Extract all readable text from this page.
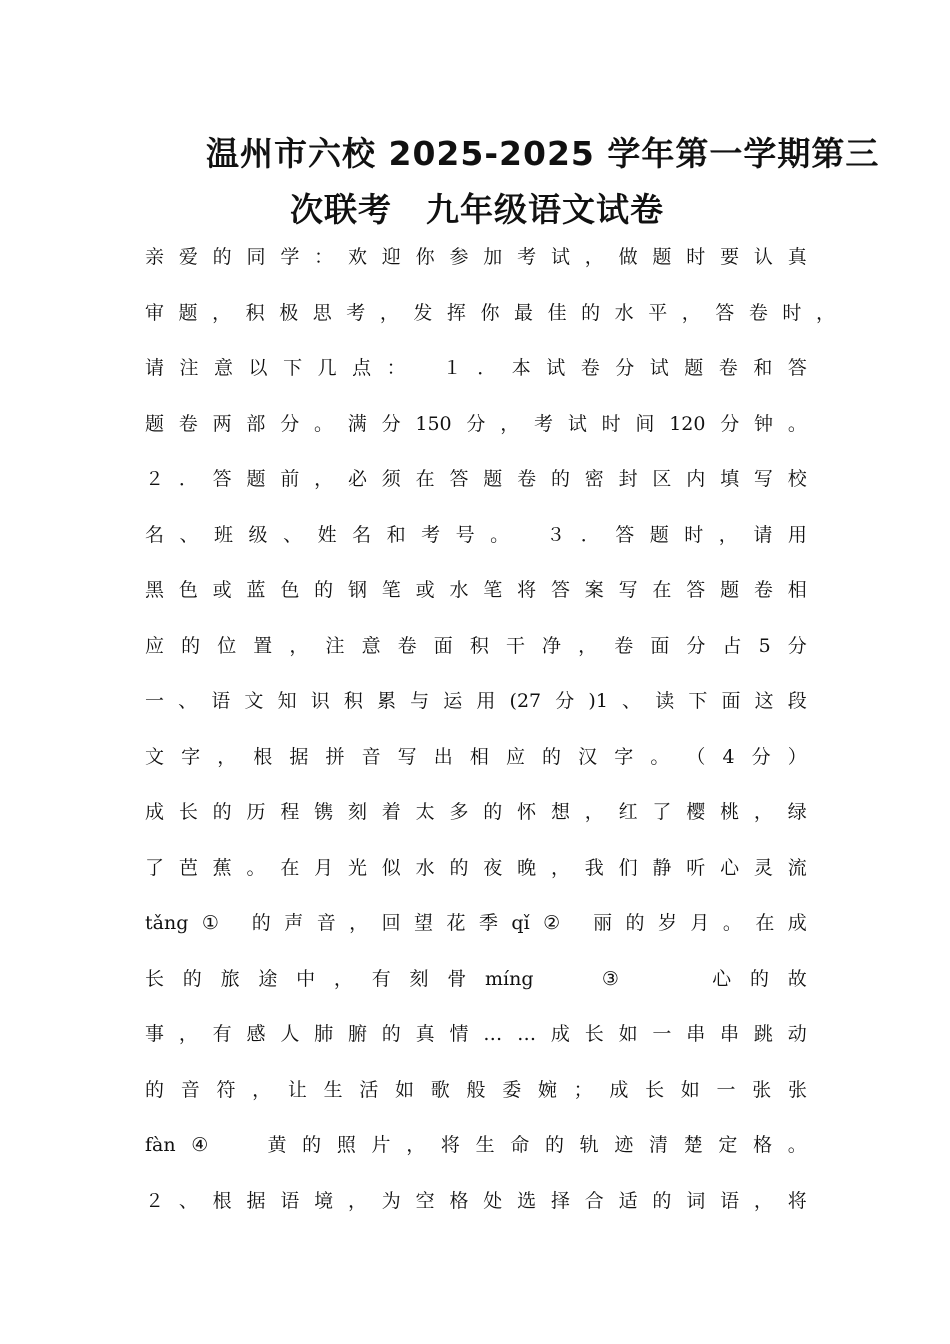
温州市六校 2025-2025 学年第一学期第三
次联考　九年级语文试卷
亲 爱 的 同 学 ： 欢 迎 你 参 加 考 试 ， 做 题 时 要 认 真
审 题 ， 积 极 思 考 ， 发 挥 你 最 佳 的 水 平 ， 答 卷 时 ，
请 注 意 以 下 几 点 ：
１ ． 本 试 卷 分 试 题 卷 和 答
题 卷 两 部 分 。 满 分 150 分 ， 考 试 时 间 120 分 钟 。
２ ． 答 题 前 ， 必 须 在 答 题 卷 的 密 封 区 内 填 写 校
名 、 班 级 、 姓 名 和 考 号 。
３ ． 答 题 时 ， 请 用
黑 色 或 蓝 色 的 钢 笔 或 水 笔 将 答 案 写 在 答 题 卷 相
应 的 位 置 ， 注 意 卷 面 积 干 净 ， 卷 面 分 占 5 分
一 、 语 文 知 识 积 累 与 运 用 (27 分 )1 、 读 下 面 这 段
文 字 ， 根 据 拼 音 写 出 相 应 的 汉 字 。 （ 4 分 ）
成 长 的 历 程 镌 刻 着 太 多 的 怀 想 ， 红 了 樱 桃 ， 绿
了 芭 蕉 。 在 月 光 似 水 的 夜 晚 ， 我 们 静 听 心 灵 流
tǎng ①
的 声 音 ， 回 望 花 季 qǐ ②
丽 的 岁 月 。 在 成
长 的 旅 途 中 ， 有 刻 骨 míng

	③

	心 的 故
事 ， 有 感 人 肺 腑 的 真 情 … … 成 长 如 一 串 串 跳 动
的 音 符 ， 让 生 活 如 歌 般 委 婉 ； 成 长 如 一 张 张
fàn ④

	黄 的 照 片 ， 将 生 命 的 轨 迹 清 楚 定 格 。
２ 、 根 据 语 境 ， 为 空 格 处 选 择 合 适 的 词 语 ， 将
